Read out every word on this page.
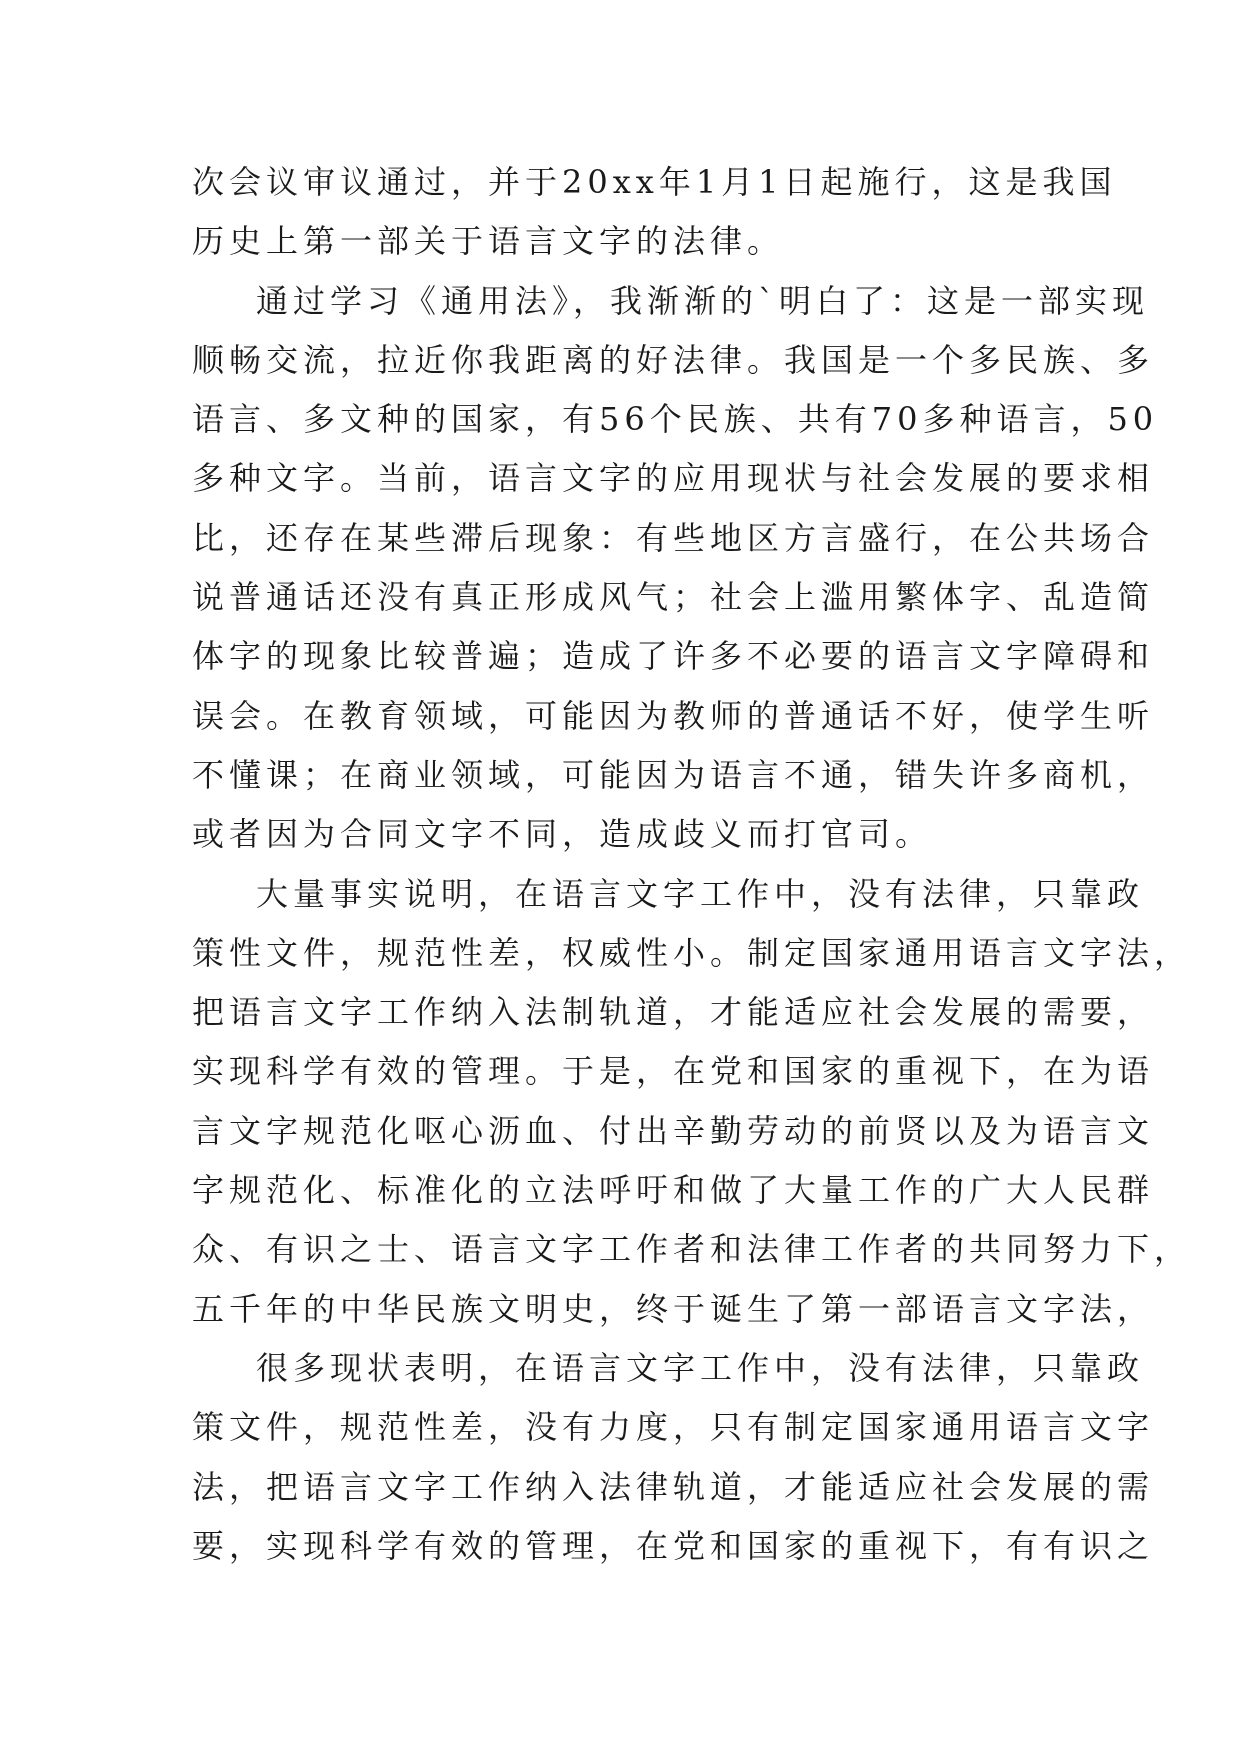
次会议审议通过，并于20xx年1月1日起施行，这是我国
历史上第一部关于语言文字的法律。
通过学习《通用法》，我渐渐的`明白了：这是一部实现
顺畅交流，拉近你我距离的好法律。我国是一个多民族、多
语言、多文种的国家，有56个民族、共有70多种语言，50
多种文字。当前，语言文字的应用现状与社会发展的要求相
比，还存在某些滞后现象：有些地区方言盛行，在公共场合
说普通话还没有真正形成风气；社会上滥用繁体字、乱造简
体字的现象比较普遍；造成了许多不必要的语言文字障碍和
误会。在教育领域，可能因为教师的普通话不好，使学生听
不懂课；在商业领域，可能因为语言不通，错失许多商机，
或者因为合同文字不同，造成歧义而打官司。
大量事实说明，在语言文字工作中，没有法律，只靠政
策性文件，规范性差，权威性小。制定国家通用语言文字法，
把语言文字工作纳入法制轨道，才能适应社会发展的需要，
实现科学有效的管理。于是，在党和国家的重视下，在为语
言文字规范化呕心沥血、付出辛勤劳动的前贤以及为语言文
字规范化、标准化的立法呼吁和做了大量工作的广大人民群
众、有识之士、语言文字工作者和法律工作者的共同努力下，
五千年的中华民族文明史，终于诞生了第一部语言文字法，
很多现状表明，在语言文字工作中，没有法律，只靠政
策文件，规范性差，没有力度，只有制定国家通用语言文字
法，把语言文字工作纳入法律轨道，才能适应社会发展的需
要，实现科学有效的管理，在党和国家的重视下，有有识之
